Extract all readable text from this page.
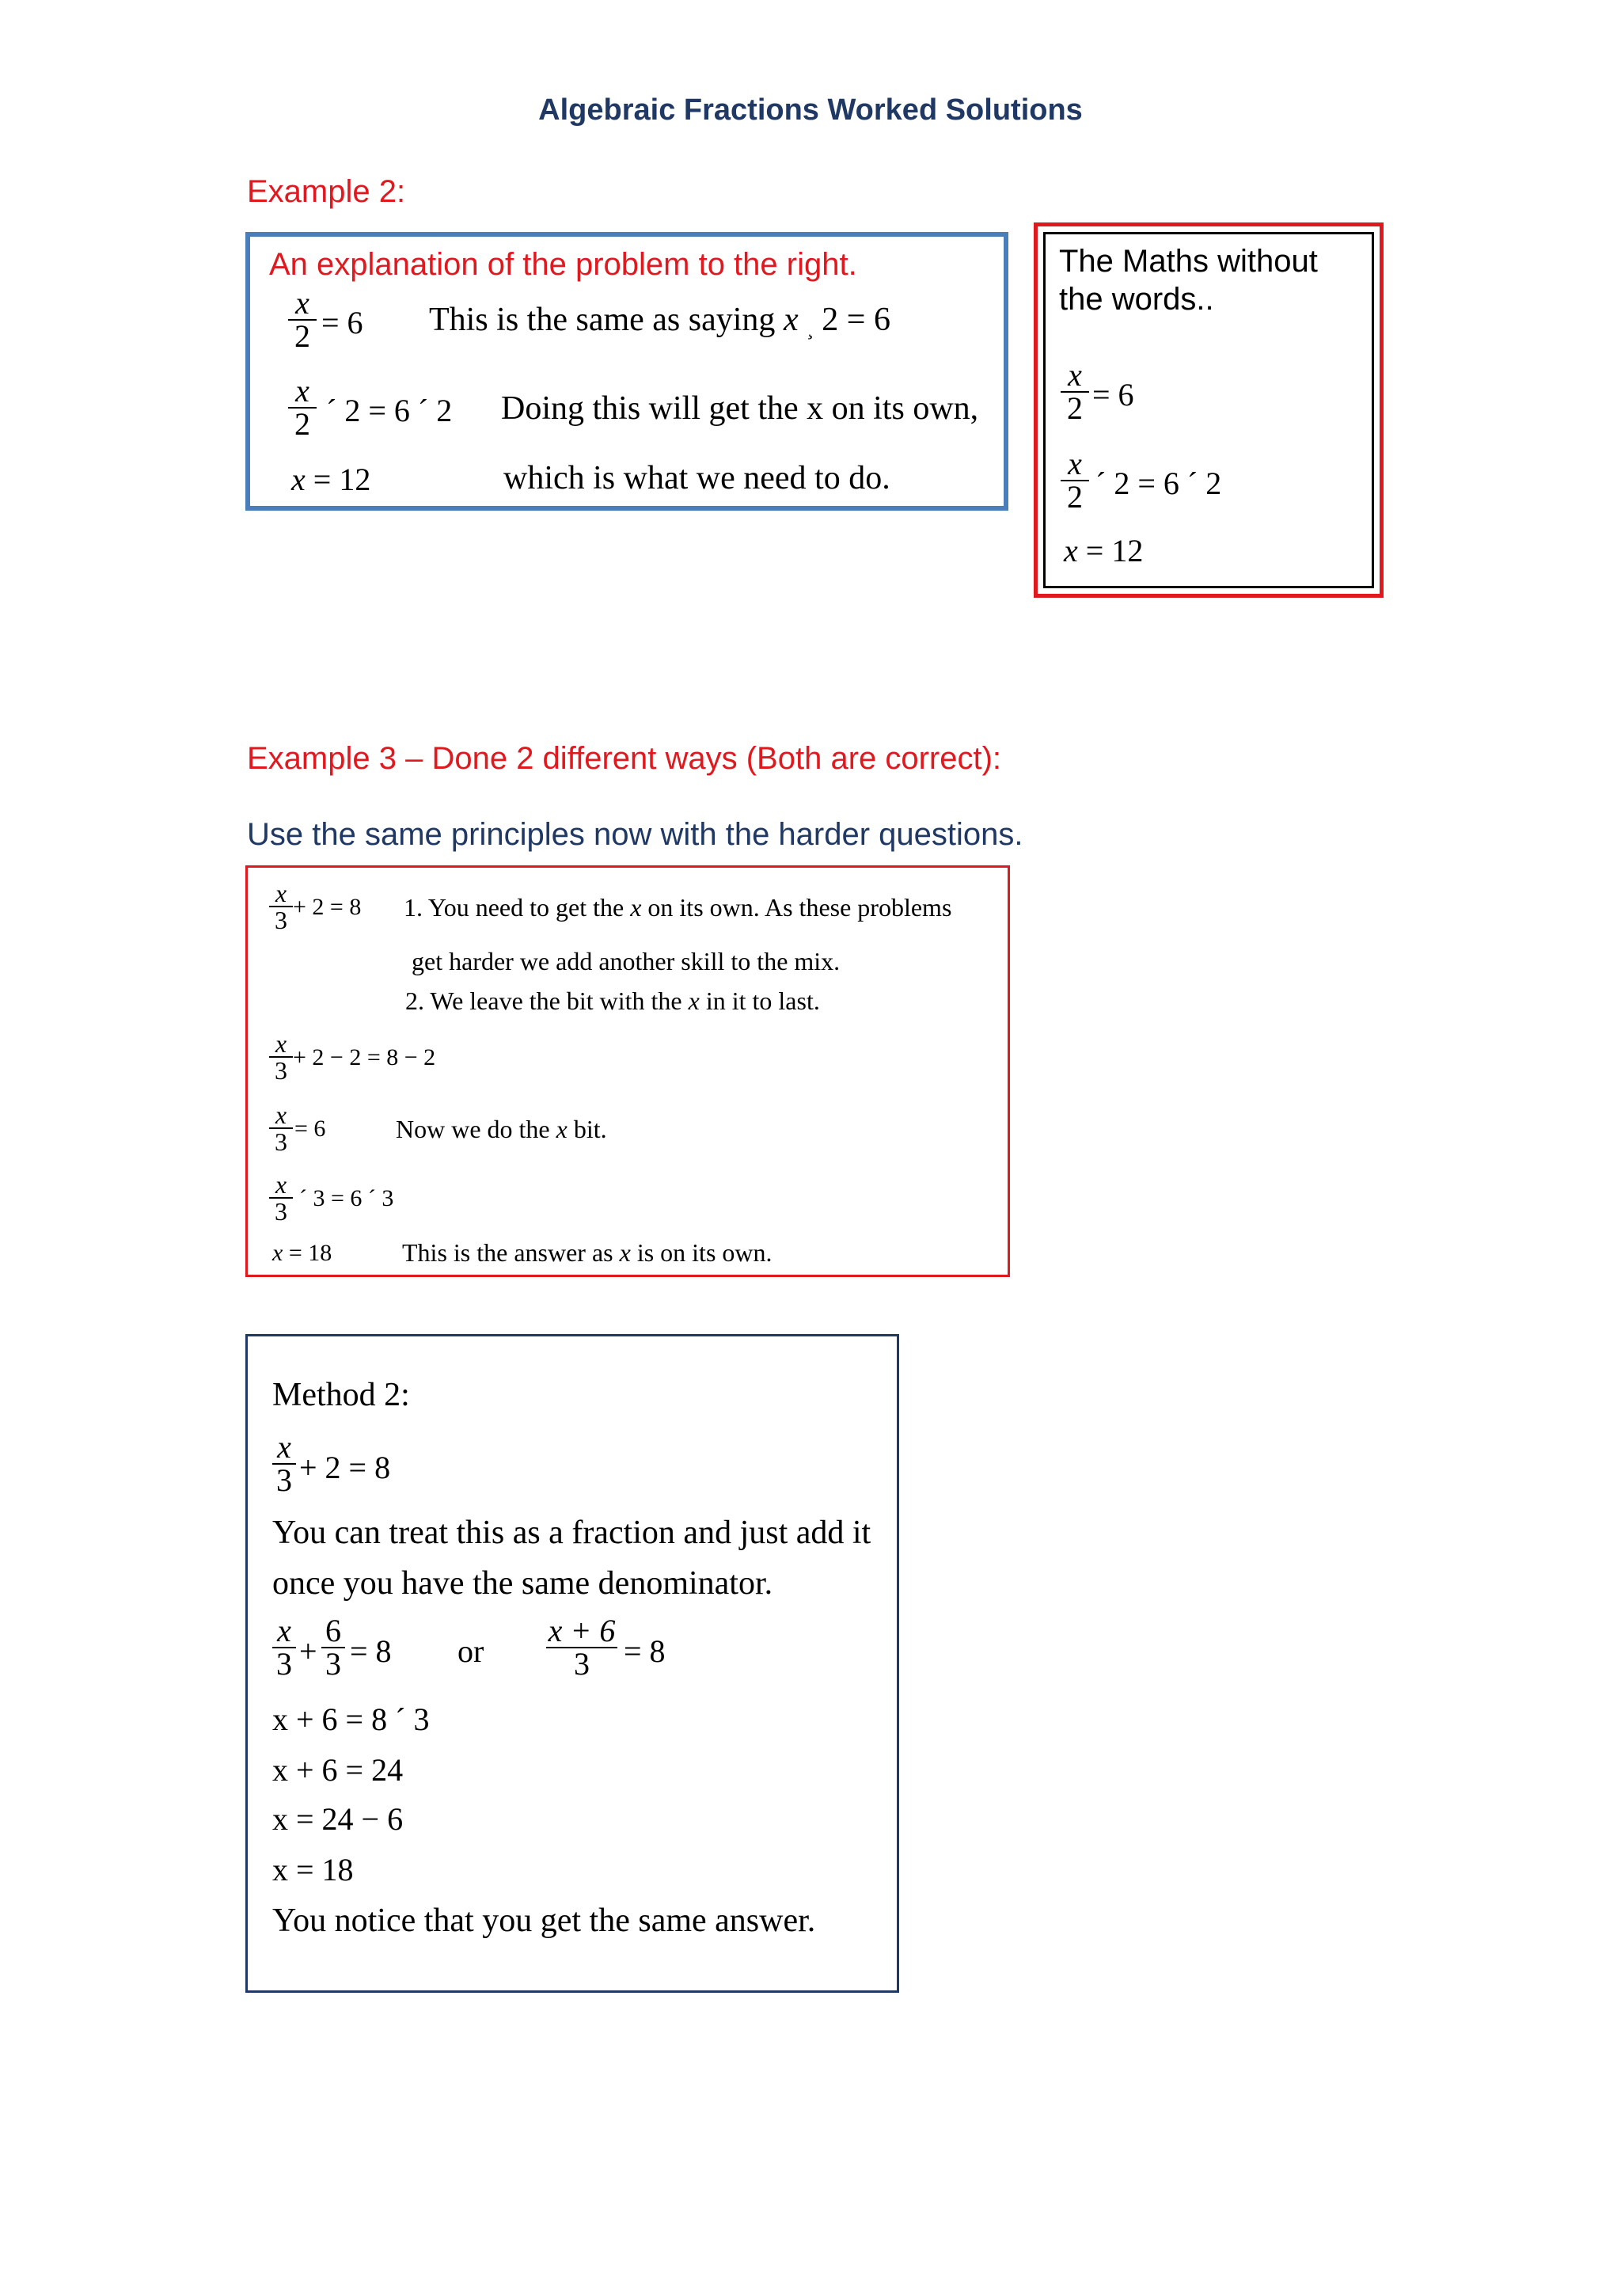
Algebraic Fractions Worked Solutions
Example 2:
An explanation of the problem to the right.
x
2 = 6 This is the same as saying x ¸ 2 = 6
x
2 ´ 2 = 6 ´ 2 Doing this will get the x on its own,
x = 12	which is what we need to do.
The Maths without the words..
x
2 = 6
x
2 ´ 2 = 6 ´ 2
x = 12
Example 3 – Done 2 different ways (Both are correct):
Use the same principles now with the harder questions.
x
3 + 2 = 8 1. You need to get the x on its own. As these problems
get harder we add another skill to the mix.
2. We leave the bit with the x in it to last.
x
3 + 2 − 2 = 8 − 2
x
3 = 6	Now we do the x bit.
x
3 ´ 3 = 6 ´ 3
x = 18	This is the answer as x is on its own.
Method 2:
x
3 + 2 = 8
You can treat this as a fraction and just add it
once you have the same denominator.
x
3 +
6
3 = 8 or
x + 6
3	= 8
x + 6 = 8 ´ 3
x + 6 = 24
x = 24 − 6
x = 18
You notice that you get the same answer.
